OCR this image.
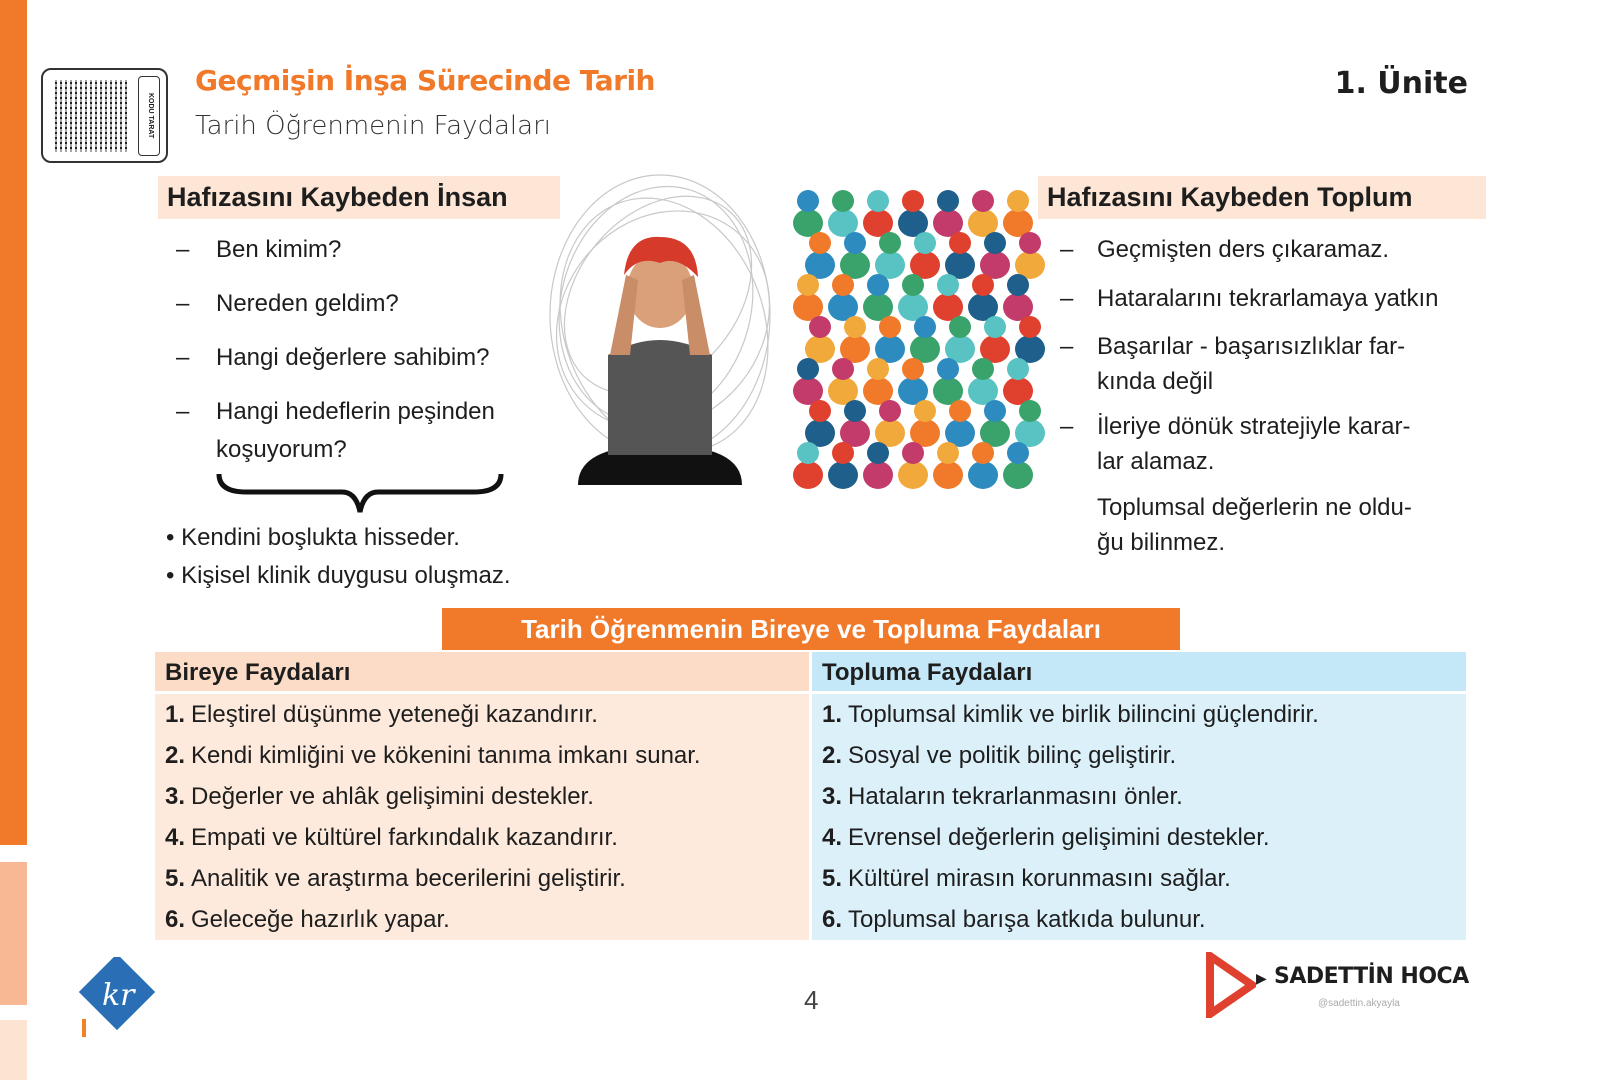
KODU TARAT
Geçmişin İnşa Sürecinde Tarih
Tarih Öğrenmenin Faydaları
1. Ünite
Hafızasını Kaybeden İnsan
– Ben kimim?
– Nereden geldim?
– Hangi değerlere sahibim?
– Hangi hedeflerin peşinden
koşuyorum?
• Kendini boşlukta hisseder.
• Kişisel klinik duygusu oluşmaz.
Hafızasını Kaybeden Toplum
– Geçmişten ders çıkaramaz.
– Hataralarını tekrarlamaya yatkın
– Başarılar - başarısızlıklar far-
kında değil
– İleriye dönük stratejiyle karar-
lar alamaz.
Toplumsal değerlerin ne oldu-
ğu bilinmez.
Tarih Öğrenmenin Bireye ve Topluma Faydaları
Bireye Faydaları
1. Eleştirel düşünme yeteneği kazandırır.
2. Kendi kimliğini ve kökenini tanıma imkanı sunar.
3. Değerler ve ahlâk gelişimini destekler.
4. Empati ve kültürel farkındalık kazandırır.
5. Analitik ve araştırma becerilerini geliştirir.
6. Geleceğe hazırlık yapar.
Topluma Faydaları
1. Toplumsal kimlik ve birlik bilincini güçlendirir.
2. Sosyal ve politik bilinç geliştirir.
3. Hataların tekrarlanmasını önler.
4. Evrensel değerlerin gelişimini destekler.
5. Kültürel mirasın korunmasını sağlar.
6. Toplumsal barışa katkıda bulunur.
kr	4
▶ SADETTİN HOCA
@sadettin.akyayla
